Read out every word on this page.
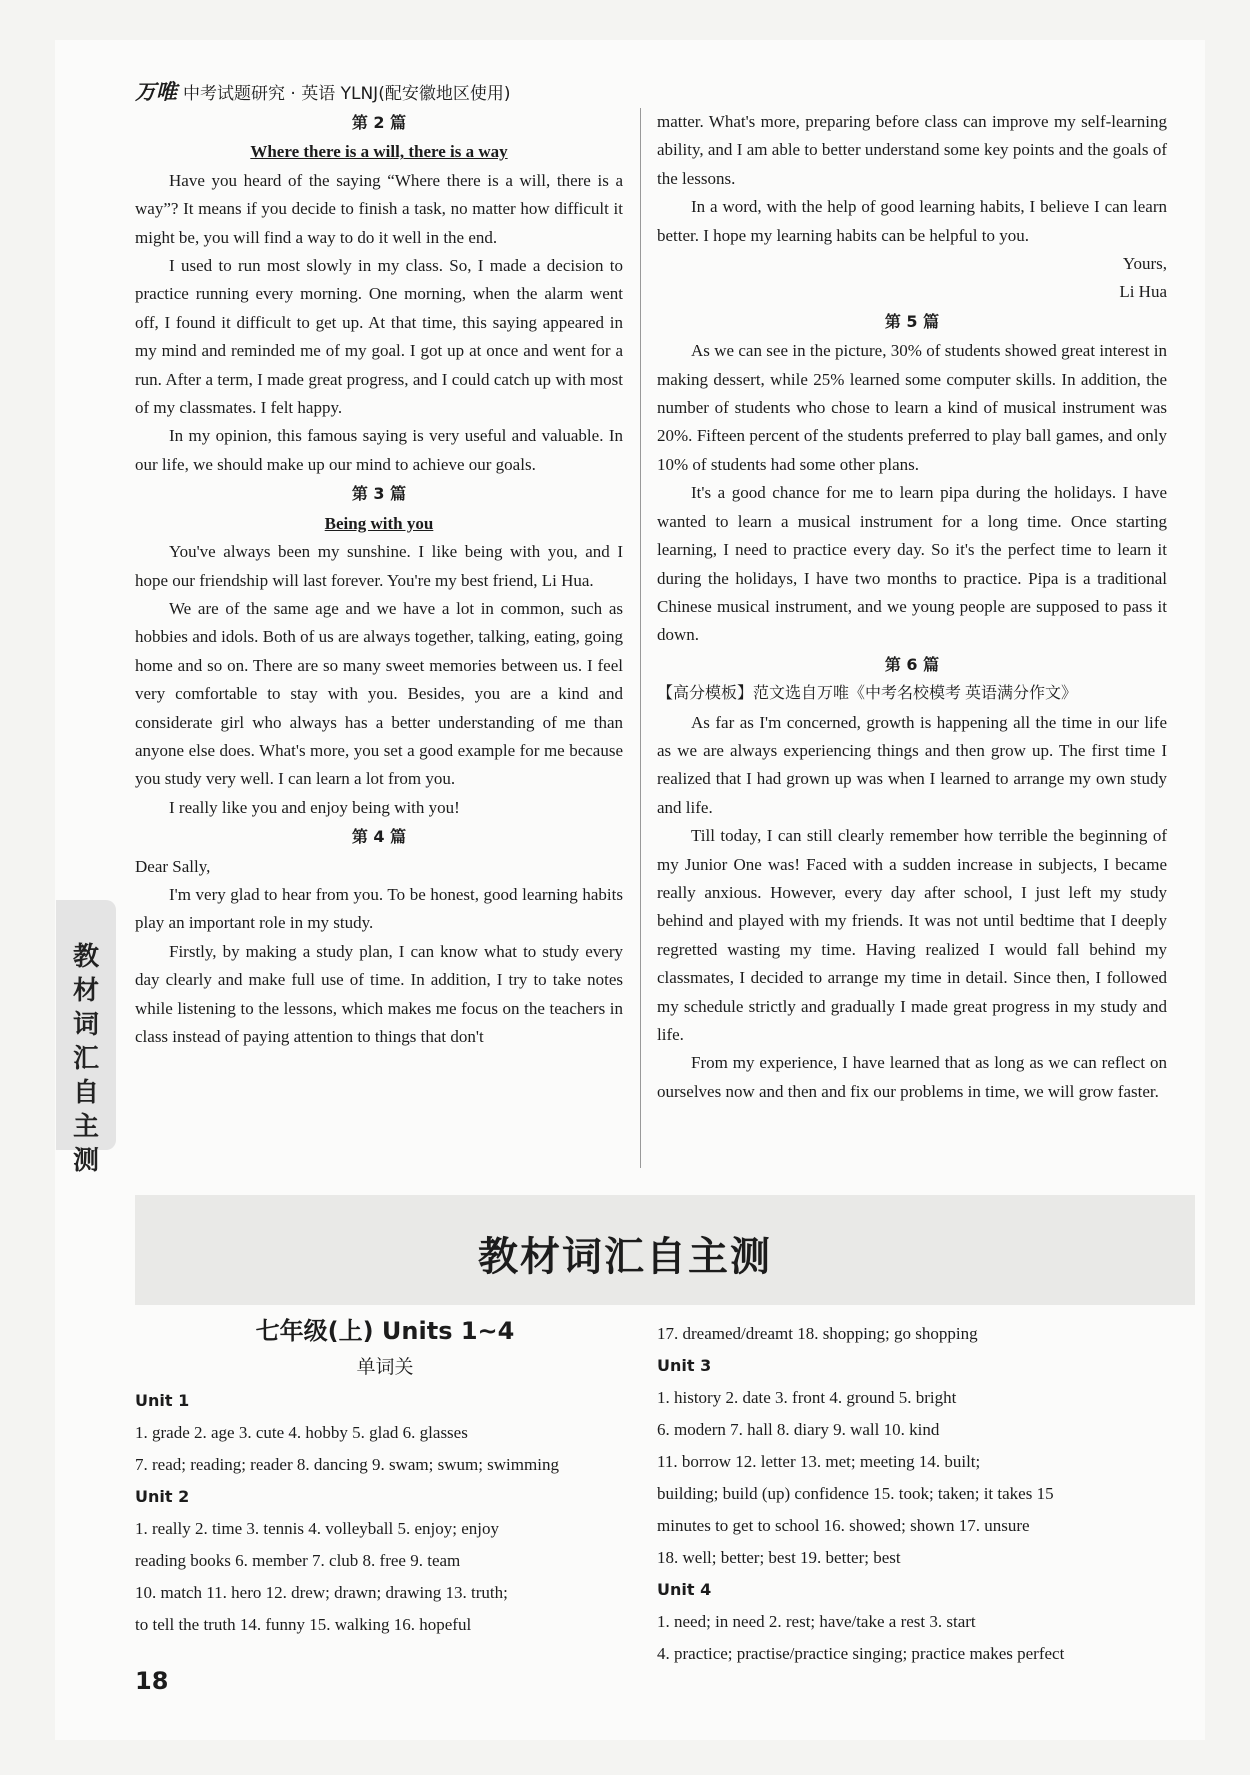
万唯 中考试题研究 · 英语 YLNJ(配安徽地区使用)
教材词汇自主测
第 2 篇
Where there is a will, there is a way

Have you heard of the saying “Where there is a will, there is a way”? It means if you decide to finish a task, no matter how difficult it might be, you will find a way to do it well in the end.

I used to run most slowly in my class. So, I made a decision to practice running every morning. One morning, when the alarm went off, I found it difficult to get up. At that time, this saying appeared in my mind and reminded me of my goal. I got up at once and went for a run. After a term, I made great progress, and I could catch up with most of my classmates. I felt happy.

In my opinion, this famous saying is very useful and valuable. In our life, we should make up our mind to achieve our goals.

第 3 篇
Being with you

You've always been my sunshine. I like being with you, and I hope our friendship will last forever. You're my best friend, Li Hua.

We are of the same age and we have a lot in common, such as hobbies and idols. Both of us are always together, talking, eating, going home and so on. There are so many sweet memories between us. I feel very comfortable to stay with you. Besides, you are a kind and considerate girl who always has a better understanding of me than anyone else does. What's more, you set a good example for me because you study very well. I can learn a lot from you.

I really like you and enjoy being with you!

第 4 篇

Dear Sally,

I'm very glad to hear from you. To be honest, good learning habits play an important role in my study.

Firstly, by making a study plan, I can know what to study every day clearly and make full use of time. In addition, I try to take notes while listening to the lessons, which makes me focus on the teachers in class instead of paying attention to things that don't

matter. What's more, preparing before class can improve my self-learning ability, and I am able to better understand some key points and the goals of the lessons.

In a word, with the help of good learning habits, I believe I can learn better. I hope my learning habits can be helpful to you.

Yours,
Li Hua
第 5 篇

As we can see in the picture, 30% of students showed great interest in making dessert, while 25% learned some computer skills. In addition, the number of students who chose to learn a kind of musical instrument was 20%. Fifteen percent of the students preferred to play ball games, and only 10% of students had some other plans.

It's a good chance for me to learn pipa during the holidays. I have wanted to learn a musical instrument for a long time. Once starting learning, I need to practice every day. So it's the perfect time to learn it during the holidays, I have two months to practice. Pipa is a traditional Chinese musical instrument, and we young people are supposed to pass it down.

第 6 篇

【高分模板】范文选自万唯《中考名校模考 英语满分作文》

As far as I'm concerned, growth is happening all the time in our life as we are always experiencing things and then grow up. The first time I realized that I had grown up was when I learned to arrange my own study and life.

Till today, I can still clearly remember how terrible the beginning of my Junior One was! Faced with a sudden increase in subjects, I became really anxious. However, every day after school, I just left my study behind and played with my friends. It was not until bedtime that I deeply regretted wasting my time. Having realized I would fall behind my classmates, I decided to arrange my time in detail. Since then, I followed my schedule strictly and gradually I made great progress in my study and life.

From my experience, I have learned that as long as we can reflect on ourselves now and then and fix our problems in time, we will grow faster.

教材词汇自主测
七年级(上) Units 1~4
单词关
Unit 1
1. grade 2. age 3. cute 4. hobby 5. glad 6. glasses
7. read; reading; reader 8. dancing 9. swam; swum; swimming
Unit 2
1. really 2. time 3. tennis 4. volleyball 5. enjoy; enjoy
reading books 6. member 7. club 8. free 9. team
10. match 11. hero 12. drew; drawn; drawing 13. truth;
to tell the truth 14. funny 15. walking 16. hopeful
17. dreamed/dreamt 18. shopping; go shopping
Unit 3
1. history 2. date 3. front 4. ground 5. bright
6. modern 7. hall 8. diary 9. wall 10. kind
11. borrow 12. letter 13. met; meeting 14. built;
building; build (up) confidence 15. took; taken; it takes 15
minutes to get to school 16. showed; shown 17. unsure
18. well; better; best 19. better; best
Unit 4
1. need; in need 2. rest; have/take a rest 3. start
4. practice; practise/practice singing; practice makes perfect
18
